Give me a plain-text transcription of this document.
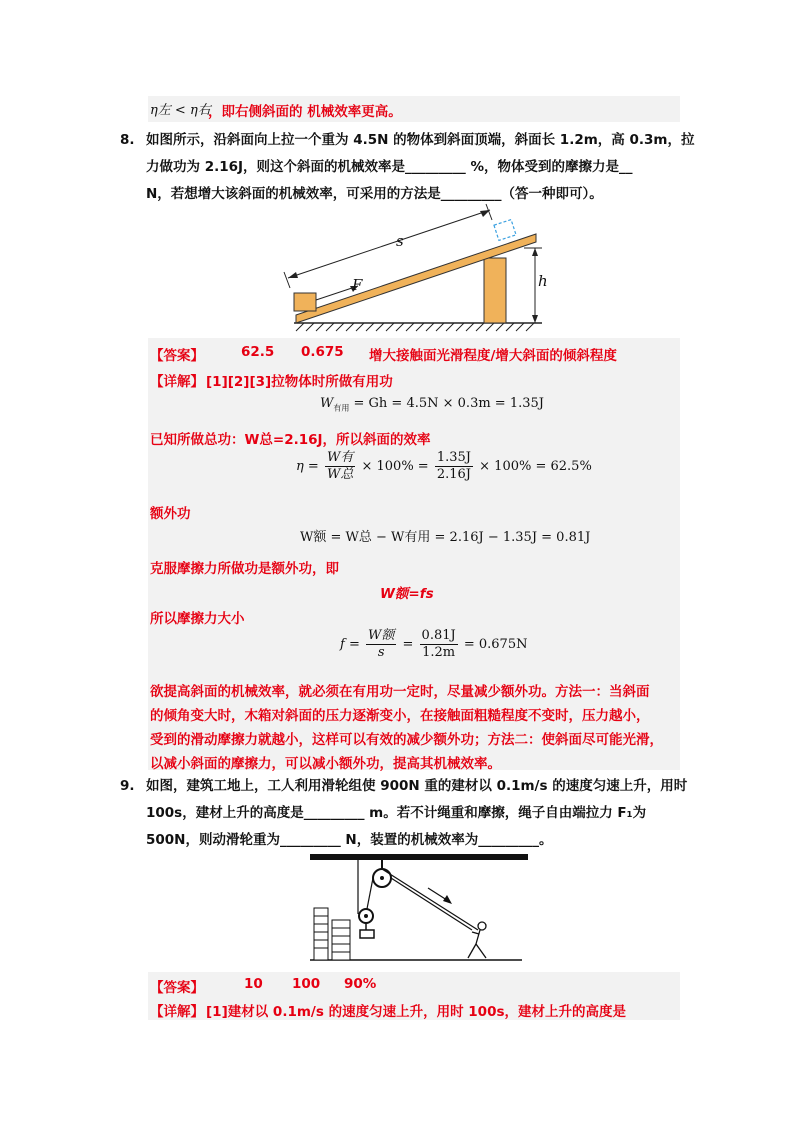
η左 < η右
，即右侧斜面的 机械效率更高。
8. 如图所示，沿斜面向上拉一个重为 4.5N 的物体到斜面顶端，斜面长 1.2m，高 0.3m，拉
力做功为 2.16J，则这个斜面的机械效率是_________ %，物体受到的摩擦力是__
N，若想增大该斜面的机械效率，可采用的方法是_________（答一种即可）。
s
F	h
【答案】	62.5 0.675 增大接触面光滑程度/增大斜面的倾斜程度
【详解】 [1][2][3]拉物体时所做有用功
$W_{有用} = Gh = 4.5N \times 0.3m = 1.35J$
已知所做总功：W总=2.16J，所以斜面的效率
$\eta = \frac{\text{W有}}{\text{W总}} \times 100\% = \frac{1.35J}{2.16J} \times 100\% = 62.5\%$
额外功
W额 = W总 − W有用 = 2.16J − 1.35J = 0.81J
克服摩擦力所做功是额外功，即
W额=fs
所以摩擦力大小
$f = \frac{\text{W额}}{s} = \frac{0.81J}{1.2m} = 0.675N$
欲提高斜面的机械效率，就必须在有用功一定时，尽量减少额外功。方法一：当斜面
的倾角变大时，木箱对斜面的压力逐渐变小，在接触面粗糙程度不变时，压力越小，
受到的滑动摩擦力就越小，这样可以有效的减少额外功；方法二：使斜面尽可能光滑，
以减小斜面的摩擦力，可以减小额外功，提高其机械效率。
9. 如图，建筑工地上，工人利用滑轮组使 900N 重的建材以 0.1m/s 的速度匀速上升，用时
100s，建材上升的高度是_________ m。若不计绳重和摩擦，绳子自由端拉力 F₁为
500N，则动滑轮重为_________ N，装置的机械效率为_________。
【答案】	10 100 90%
【详解】 [1]建材以 0.1m/s 的速度匀速上升，用时 100s，建材上升的高度是
